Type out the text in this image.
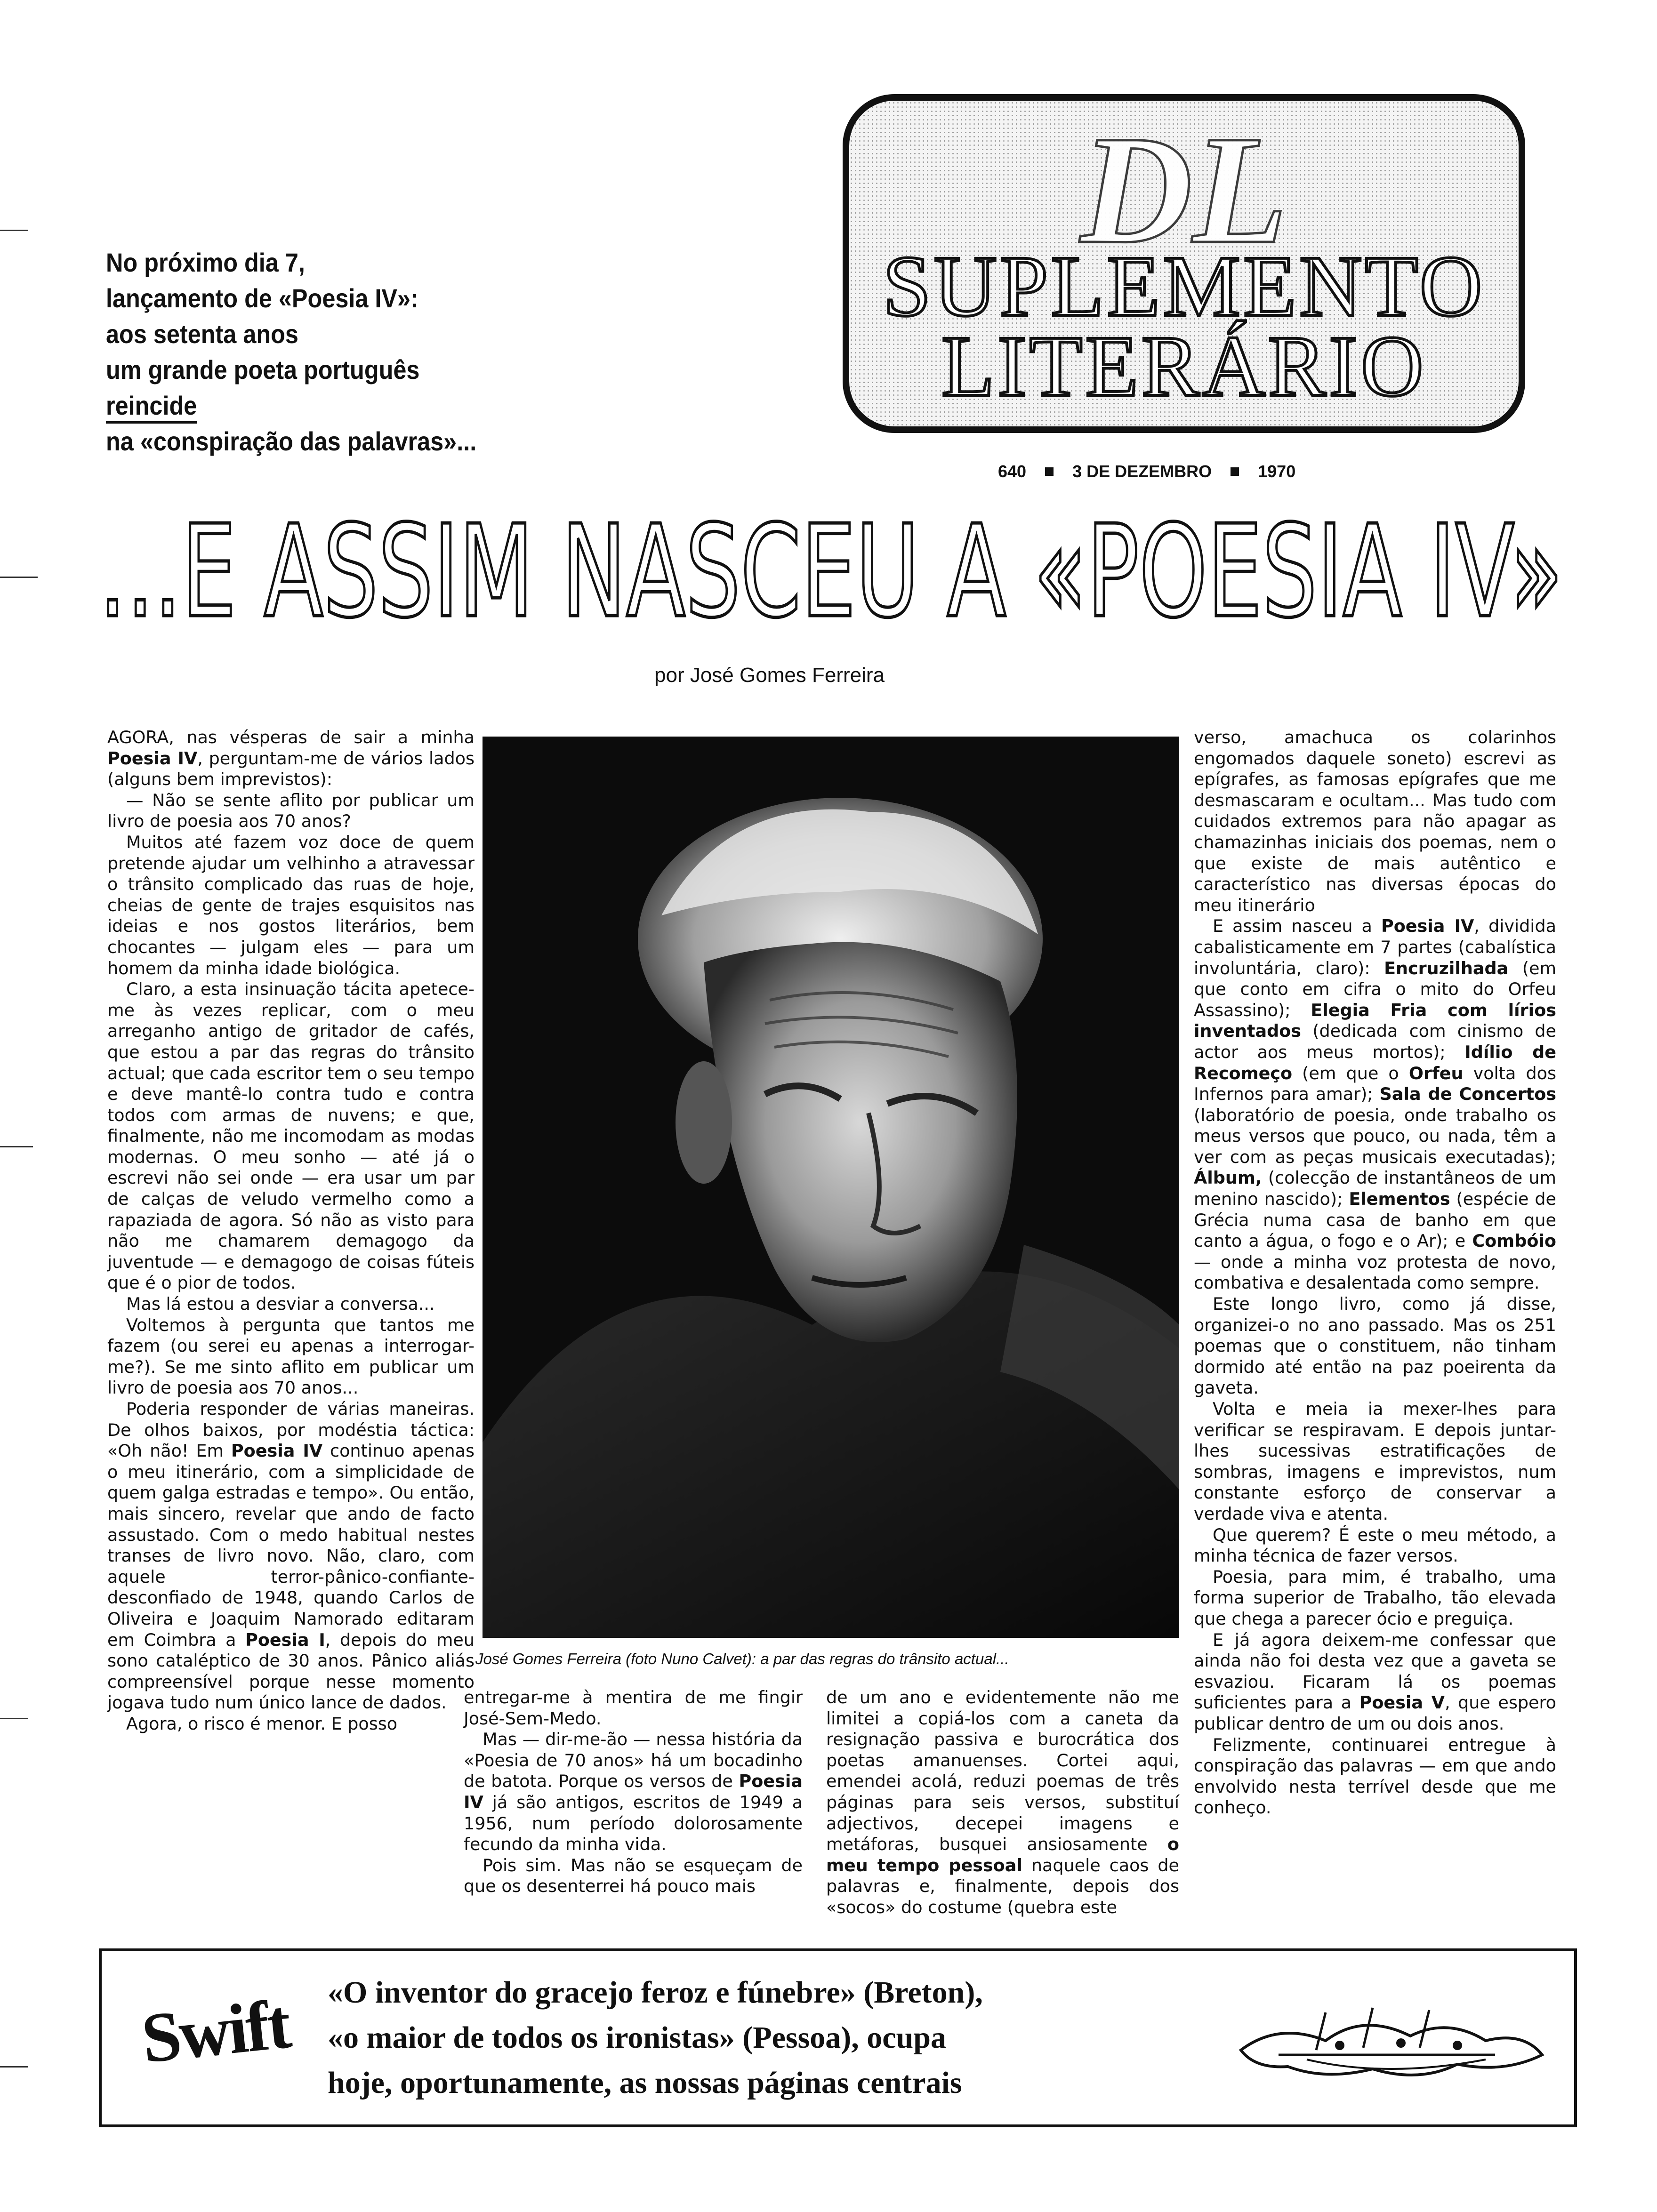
No próximo dia 7,
lançamento de «Poesia IV»:
aos setenta anos
um grande poeta português
reincide
na «conspiração das palavras»...
DL
SUPLEMENTO
LITERÁRIO
640	3 DE DEZEMBRO	1970
...E ASSIM NASCEU A «POESIA IV»
por José Gomes Ferreira

AGORA, nas vésperas de sair a minha Poesia IV, perguntam-me de vários lados (alguns bem imprevistos):

— Não se sente aflito por publicar um livro de poesia aos 70 anos?

Muitos até fazem voz doce de quem pretende ajudar um velhinho a atravessar o trânsito complicado das ruas de hoje, cheias de gente de trajes esquisitos nas ideias e nos gostos literários, bem chocantes — julgam eles — para um homem da minha idade biológica.

Claro, a esta insinuação tácita apetece-me às vezes replicar, com o meu arreganho antigo de gritador de cafés, que estou a par das regras do trânsito actual; que cada escritor tem o seu tempo e deve mantê-lo contra tudo e contra todos com armas de nuvens; e que, finalmente, não me incomodam as modas modernas. O meu sonho — até já o escrevi não sei onde — era usar um par de calças de veludo vermelho como a rapaziada de agora. Só não as visto para não me chamarem demagogo da juventude — e demagogo de coisas fúteis que é o pior de todos.

Mas lá estou a desviar a conversa...

Voltemos à pergunta que tantos me fazem (ou serei eu apenas a interrogar-me?). Se me sinto aflito em publicar um livro de poesia aos 70 anos...

Poderia responder de várias maneiras. De olhos baixos, por modéstia táctica: «Oh não! Em Poesia IV continuo apenas o meu itinerário, com a simplicidade de quem galga estradas e tempo». Ou então, mais sincero, revelar que ando de facto assustado. Com o medo habitual nestes transes de livro novo. Não, claro, com aquele terror-pânico-confiante-desconfiado de 1948, quando Carlos de Oliveira e Joaquim Namorado editaram em Coimbra a Poesia I, depois do meu sono cataléptico de 30 anos. Pânico aliás compreensível porque nesse momento jogava tudo num único lance de dados.

Agora, o risco é menor. E posso

José Gomes Ferreira (foto Nuno Calvet): a par das regras do trânsito actual...

entregar-me à mentira de me fingir José-Sem-Medo.

Mas — dir-me-ão — nessa história da «Poesia de 70 anos» há um bocadinho de batota. Porque os versos de Poesia IV já são antigos, escritos de 1949 a 1956, num período dolorosamente fecundo da minha vida.

Pois sim. Mas não se esqueçam de que os desenterrei há pouco mais

de um ano e evidentemente não me limitei a copiá-los com a caneta da resignação passiva e burocrática dos poetas amanuenses. Cortei aqui, emendei acolá, reduzi poemas de três páginas para seis versos, substituí adjectivos, decepei imagens e metáforas, busquei ansiosamente o meu tempo pessoal naquele caos de palavras e, finalmente, depois dos «socos» do costume (quebra este

verso, amachuca os colarinhos engomados daquele soneto) escrevi as epígrafes, as famosas epígrafes que me desmascaram e ocultam... Mas tudo com cuidados extremos para não apagar as chamazinhas iniciais dos poemas, nem o que existe de mais autêntico e característico nas diversas épocas do meu itinerário

E assim nasceu a Poesia IV, dividida cabalisticamente em 7 partes (cabalística involuntária, claro): Encruzilhada (em que conto em cifra o mito do Orfeu Assassino); Elegia Fria com lírios inventados (dedicada com cinismo de actor aos meus mortos); Idílio de Recomeço (em que o Orfeu volta dos Infernos para amar); Sala de Concertos (laboratório de poesia, onde trabalho os meus versos que pouco, ou nada, têm a ver com as peças musicais executadas); Álbum, (colecção de instantâneos de um menino nascido); Elementos (espécie de Grécia numa casa de banho em que canto a água, o fogo e o Ar); e Combóio — onde a minha voz protesta de novo, combativa e desalentada como sempre.

Este longo livro, como já disse, organizei-o no ano passado. Mas os 251 poemas que o constituem, não tinham dormido até então na paz poeirenta da gaveta.

Volta e meia ia mexer-lhes para verificar se respiravam. E depois juntar-lhes sucessivas estratificações de sombras, imagens e imprevistos, num constante esforço de conservar a verdade viva e atenta.

Que querem? É este o meu método, a minha técnica de fazer versos.

Poesia, para mim, é trabalho, uma forma superior de Trabalho, tão elevada que chega a parecer ócio e preguiça.

E já agora deixem-me confessar que ainda não foi desta vez que a gaveta se esvaziou. Ficaram lá os poemas suficientes para a Poesia V, que espero publicar dentro de um ou dois anos.

Felizmente, continuarei entregue à conspiração das palavras — em que ando envolvido nesta terrível desde que me conheço.

Swift «O inventor do gracejo feroz e fúnebre» (Breton),
«o maior de todos os ironistas» (Pessoa), ocupa
hoje, oportunamente, as nossas páginas centrais
